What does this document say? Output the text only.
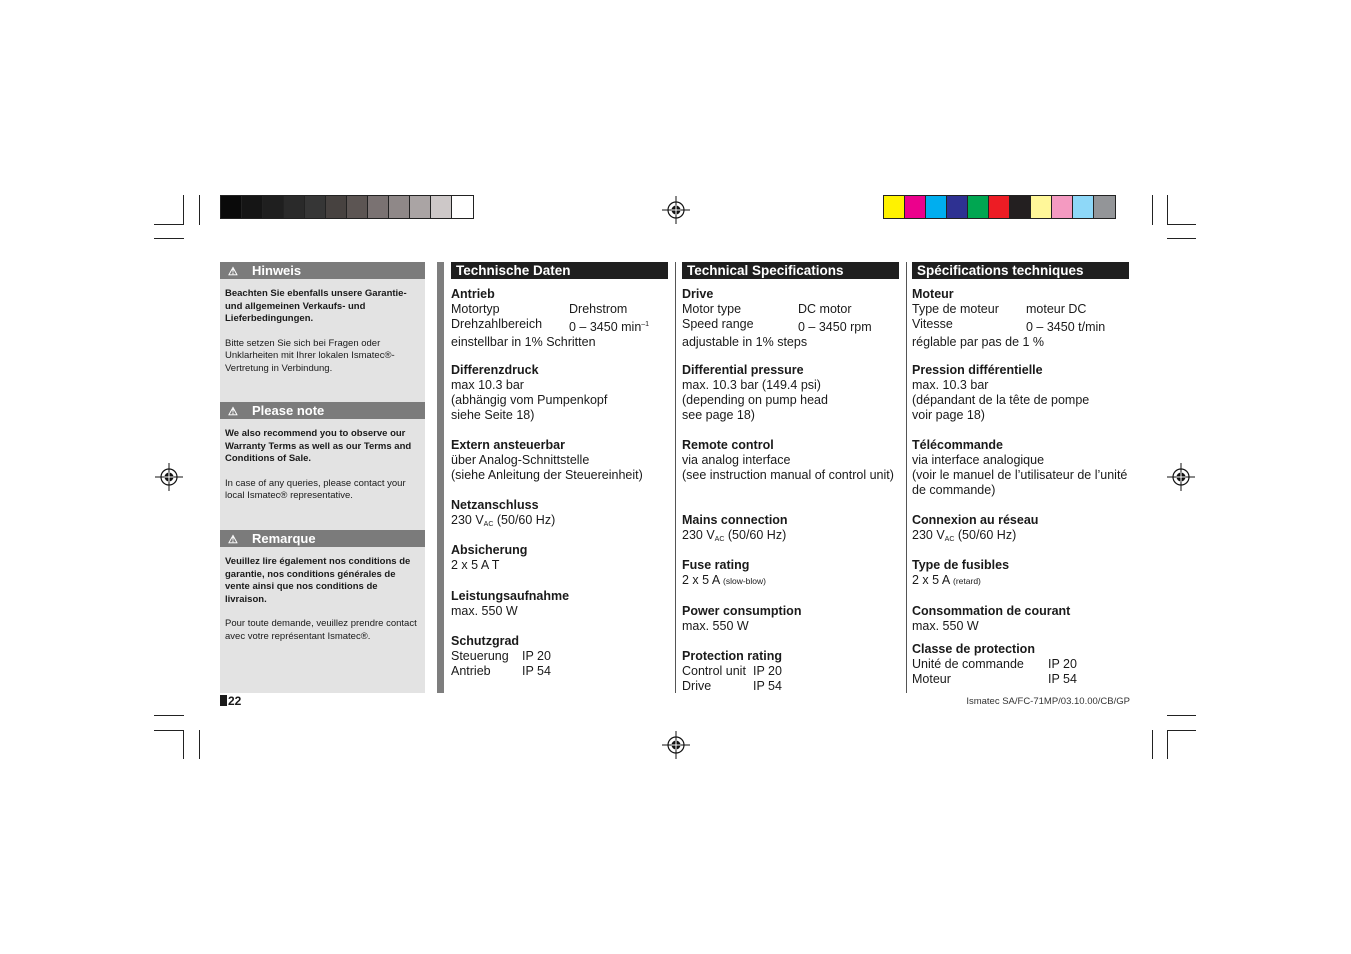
⚠ Hinweis
Beachten Sie ebenfalls unsere Garantie- und allgemeinen Verkaufs- und Lieferbedingungen.
Bitte setzen Sie sich bei Fragen oder Unklarheiten mit Ihrer lokalen Ismatec®-Vertretung in Verbindung.
⚠ Please note
We also recommend you to observe our Warranty Terms as well as our Terms and Conditions of Sale.
In case of any queries, please contact your local Ismatec® representative.
⚠ Remarque
Veuillez lire également nos conditions de garantie, nos conditions générales de vente ainsi que nos conditions de livraison.
Pour toute demande, veuillez prendre contact avec votre représentant Ismatec®.
Technische Daten
Antrieb
Motortyp	Drehstrom
Drehzahlbereich	0 – 3450 $\min^{-1}$
einstellbar in 1% Schritten
Differenzdruck
max 10.3 bar
(abhängig vom Pumpenkopf
siehe Seite 18)
Extern ansteuerbar
über Analog-Schnittstelle
(siehe Anleitung der Steuereinheit)
Netzanschluss
230 $V_{AC}$ (50/60 Hz)
Absicherung
2 x 5 A T
Leistungsaufnahme
max. 550 W
Schutzgrad
Steuerung	IP 20
Antrieb	IP 54
Technical Specifications
Drive
Motor type	DC motor
Speed range	0 – 3450 rpm
adjustable in 1% steps
Differential pressure
max. 10.3 bar (149.4 psi)
(depending on pump head
see page 18)
Remote control
via analog interface
(see instruction manual of control unit)
Mains connection
230 $V_{AC}$ (50/60 Hz)
Fuse rating
2 x 5 A (slow-blow)
Power consumption
max. 550 W
Protection rating
Control unit IP 20
Drive	IP 54
Spécifications techniques
Moteur
Type de moteur	moteur DC
Vitesse	0 – 3450 t/min
réglable par pas de 1 %
Pression différentielle
max. 10.3 bar
(dépandant de la tête de pompe
voir page 18)
Télécommande
via interface analogique
(voir le manuel de l’utilisateur de l’unité de commande)
Connexion au réseau
230 $V_{AC}$ (50/60 Hz)
Type de fusibles
2 x 5 A (retard)
Consommation de courant
max. 550 W
Classe de protection
Unité de commande	IP 20
Moteur	IP 54
22	Ismatec SA/FC-71MP/03.10.00/CB/GP
